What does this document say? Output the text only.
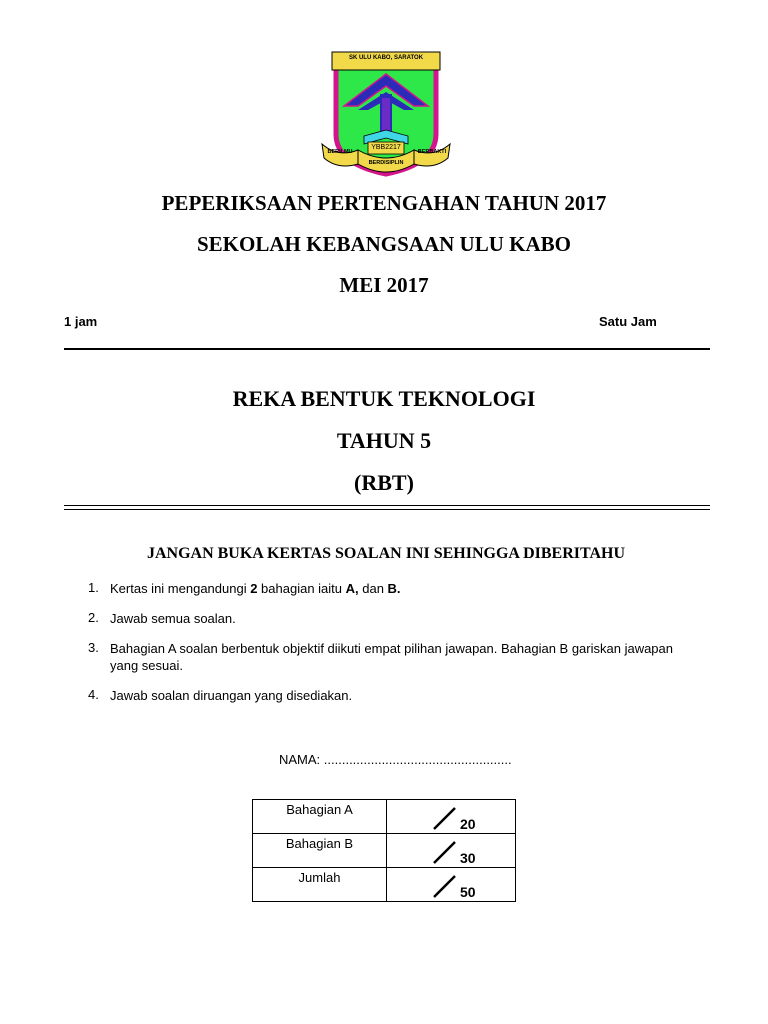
SK ULU KABO, SARATOK
YBB2217
BERILMU
BERDISIPLIN
BERBAKTI
PEPERIKSAAN PERTENGAHAN TAHUN 2017
SEKOLAH KEBANGSAAN ULU KABO
MEI 2017
1 jam	Satu Jam
REKA BENTUK TEKNOLOGI
TAHUN 5
(RBT)
JANGAN BUKA KERTAS SOALAN INI SEHINGGA DIBERITAHU
1. Kertas ini mengandungi 2 bahagian iaitu A, dan B.
2. Jawab semua soalan.
3. Bahagian A soalan berbentuk objektif diikuti empat pilihan jawapan. Bahagian B gariskan jawapan yang sesuai.
4. Jawab soalan diruangan yang disediakan.
NAMA: ....................................................
Bahagian A	20

Bahagian B	30

Jumlah	50
